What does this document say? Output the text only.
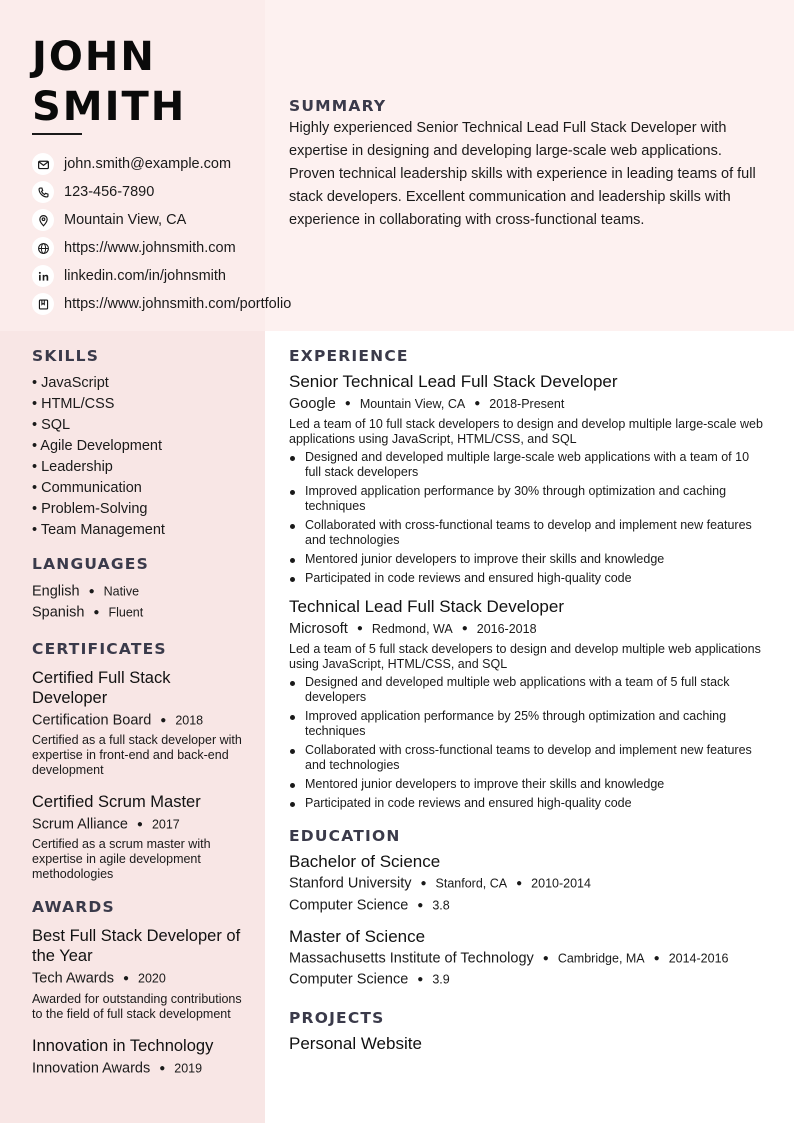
JOHN
SMITH
john.smith@example.com
123-456-7890
Mountain View, CA
https://www.johnsmith.com
linkedin.com/in/johnsmith
https://www.johnsmith.com/portfolio
SUMMARY

Highly experienced Senior Technical Lead Full Stack Developer with expertise in designing and developing large-scale web applications. Proven technical leadership skills with experience in leading teams of full stack developers. Excellent communication and leadership skills with experience in collaborating with cross-functional teams.

SKILLS
• JavaScript
• HTML/CSS
• SQL
• Agile Development
• Leadership
• Communication
• Problem-Solving
• Team Management
LANGUAGES
English ● Native
Spanish ● Fluent
CERTIFICATES
Certified Full Stack Developer
Certification Board ● 2018
Certified as a full stack developer with expertise in front-end and back-end development
Certified Scrum Master
Scrum Alliance ● 2017
Certified as a scrum master with expertise in agile development methodologies
AWARDS
Best Full Stack Developer of the Year
Tech Awards ● 2020
Awarded for outstanding contributions to the field of full stack development
Innovation in Technology
Innovation Awards ● 2019
EXPERIENCE
Senior Technical Lead Full Stack Developer
Google ● Mountain View, CA ● 2018-Present
Led a team of 10 full stack developers to design and develop multiple large-scale web applications using JavaScript, HTML/CSS, and SQL
Designed and developed multiple large-scale web applications with a team of 10 full stack developers
Improved application performance by 30% through optimization and caching techniques
Collaborated with cross-functional teams to develop and implement new features and technologies
Mentored junior developers to improve their skills and knowledge
Participated in code reviews and ensured high-quality code
Technical Lead Full Stack Developer
Microsoft ● Redmond, WA ● 2016-2018
Led a team of 5 full stack developers to design and develop multiple web applications using JavaScript, HTML/CSS, and SQL
Designed and developed multiple web applications with a team of 5 full stack developers
Improved application performance by 25% through optimization and caching techniques
Collaborated with cross-functional teams to develop and implement new features and technologies
Mentored junior developers to improve their skills and knowledge
Participated in code reviews and ensured high-quality code
EDUCATION
Bachelor of Science
Stanford University ● Stanford, CA ● 2010-2014
Computer Science ● 3.8
Master of Science
Massachusetts Institute of Technology ● Cambridge, MA ● 2014-2016
Computer Science ● 3.9
PROJECTS
Personal Website
